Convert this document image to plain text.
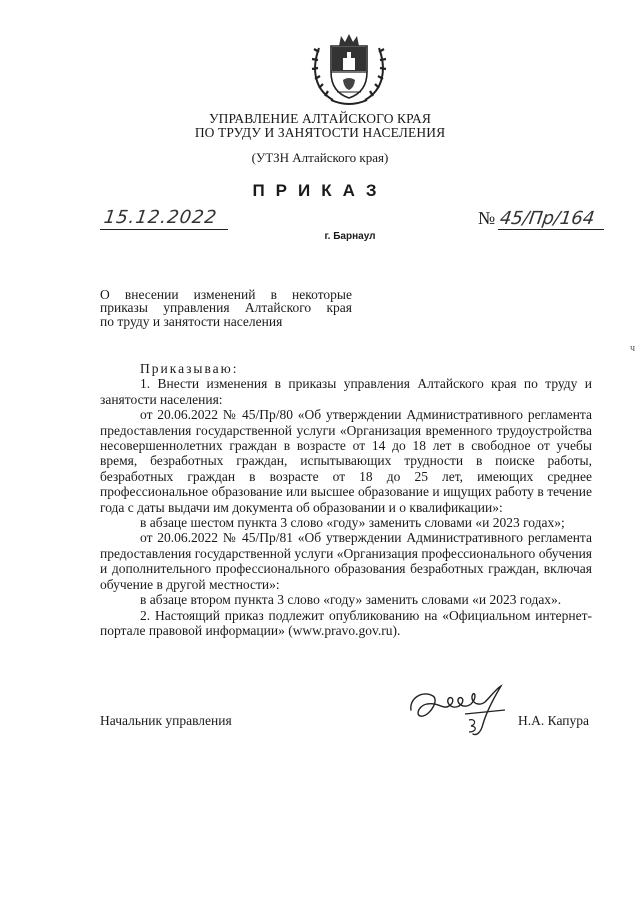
УПРАВЛЕНИЕ АЛТАЙСКОГО КРАЯ
ПО ТРУДУ И ЗАНЯТОСТИ НАСЕЛЕНИЯ
(УТЗН Алтайского края)
ПРИКАЗ
15.12.2022
г. Барнаул
№ 45/Пр/164
О внесении изменений в некоторые
приказы управления Алтайского края
по труду и занятости населения
ч

Приказываю:

1. Внести изменения в приказы управления Алтайского края по труду и занятости населения:

от 20.06.2022 № 45/Пр/80 «Об утверждении Административного регламента предоставления государственной услуги «Организация временного трудоустройства несовершеннолетних граждан в возрасте от 14 до 18 лет в свободное от учебы время, безработных граждан, испытывающих трудности в поиске работы, безработных граждан в возрасте от 18 до 25 лет, имеющих среднее профессиональное образование или высшее образование и ищущих работу в течение года с даты выдачи им документа об образовании и о квалификации»:

в абзаце шестом пункта 3 слово «году» заменить словами «и 2023 годах»;

от 20.06.2022 № 45/Пр/81 «Об утверждении Административного регламента предоставления государственной услуги «Организация профессионального обучения и дополнительного профессионального образования безработных граждан, включая обучение в другой местности»:

в абзаце втором пункта 3 слово «году» заменить словами «и 2023 годах».

2. Настоящий приказ подлежит опубликованию на «Официальном интернет-портале правовой информации» (www.pravo.gov.ru).

Начальник управления	Н.А. Капура
